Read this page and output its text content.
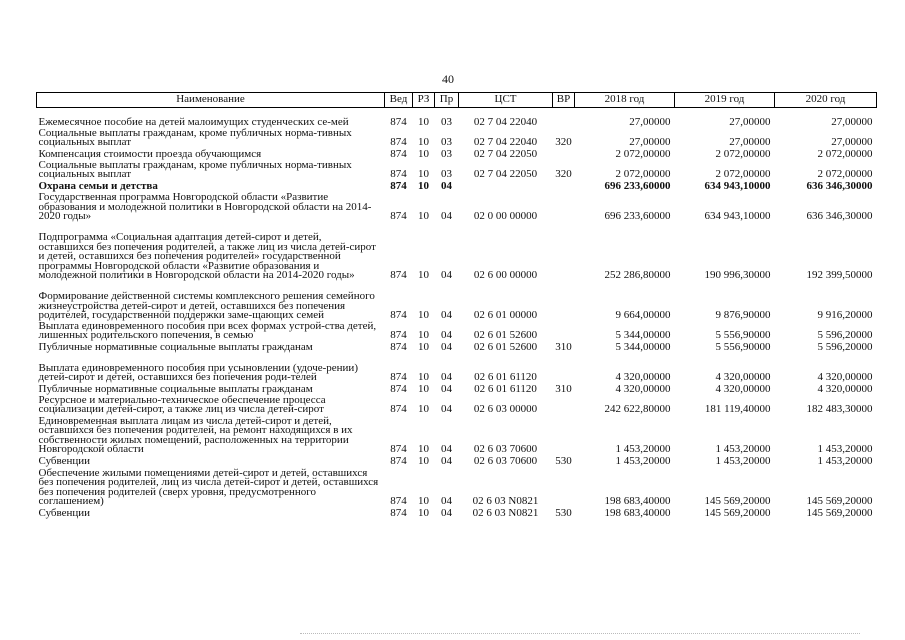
40
Наименование	Вед	РЗ	Пр	ЦСТ	ВР	2018 год	2019 год	2020 год
Ежемесячное пособие на детей малоимущих студенческих се-мей	874	10	03	02 7 04 22040		27,00000	27,00000	27,00000
Социальные выплаты гражданам, кроме публичных норма-тивных социальных выплат	874	10	03	02 7 04 22040	320	27,00000	27,00000	27,00000
Компенсация стоимости проезда обучающимся	874	10	03	02 7 04 22050		2 072,00000	2 072,00000	2 072,00000
Социальные выплаты гражданам, кроме публичных норма-тивных социальных выплат	874	10	03	02 7 04 22050	320	2 072,00000	2 072,00000	2 072,00000
Охрана семьи и детства	874	10	04			696 233,60000	634 943,10000	636 346,30000
Государственная программа Новгородской области «Развитие образования и молодежной политики в Новгородской области на 2014-2020 годы»	874	10	04	02 0 00 00000		696 233,60000	634 943,10000	636 346,30000
Подпрограмма «Социальная адаптация детей-сирот и детей, оставшихся без попечения родителей, а также лиц из числа детей-сирот и детей, оставшихся без попечения родителей» государственной программы Новгородской области «Развитие образования и молодежной политики в Новгородской области на 2014-2020 годы»	874	10	04	02 6 00 00000		252 286,80000	190 996,30000	192 399,50000
Формирование действенной системы комплексного решения семейного жизнеустройства детей-сирот и детей, оставшихся без попечения родителей, государственной поддержки заме-щающих семей	874	10	04	02 6 01 00000		9 664,00000	9 876,90000	9 916,20000
Выплата единовременного пособия при всех формах устрой-ства детей, лишенных родительского попечения, в семью	874	10	04	02 6 01 52600		5 344,00000	5 556,90000	5 596,20000
Публичные нормативные социальные выплаты гражданам	874	10	04	02 6 01 52600	310	5 344,00000	5 556,90000	5 596,20000
Выплата единовременного пособия при усыновлении (удоче-рении) детей-сирот и детей, оставшихся без попечения роди-телей	874	10	04	02 6 01 61120		4 320,00000	4 320,00000	4 320,00000
Публичные нормативные социальные выплаты гражданам	874	10	04	02 6 01 61120	310	4 320,00000	4 320,00000	4 320,00000
Ресурсное и материально-техническое обеспечение процесса социализации детей-сирот, а также лиц из числа детей-сирот	874	10	04	02 6 03 00000		242 622,80000	181 119,40000	182 483,30000
Единовременная выплата лицам из числа детей-сирот и детей, оставшихся без попечения родителей, на ремонт находящихся в их собственности жилых помещений, расположенных на территории Новгородской области	874	10	04	02 6 03 70600		1 453,20000	1 453,20000	1 453,20000
Субвенции	874	10	04	02 6 03 70600	530	1 453,20000	1 453,20000	1 453,20000
Обеспечение жилыми помещениями детей-сирот и детей, оставшихся без попечения родителей, лиц из числа детей-сирот и детей, оставшихся без попечения родителей (сверх уровня, предусмотренного соглашением)	874	10	04	02 6 03 N0821		198 683,40000	145 569,20000	145 569,20000
Субвенции	874	10	04	02 6 03 N0821	530	198 683,40000	145 569,20000	145 569,20000
